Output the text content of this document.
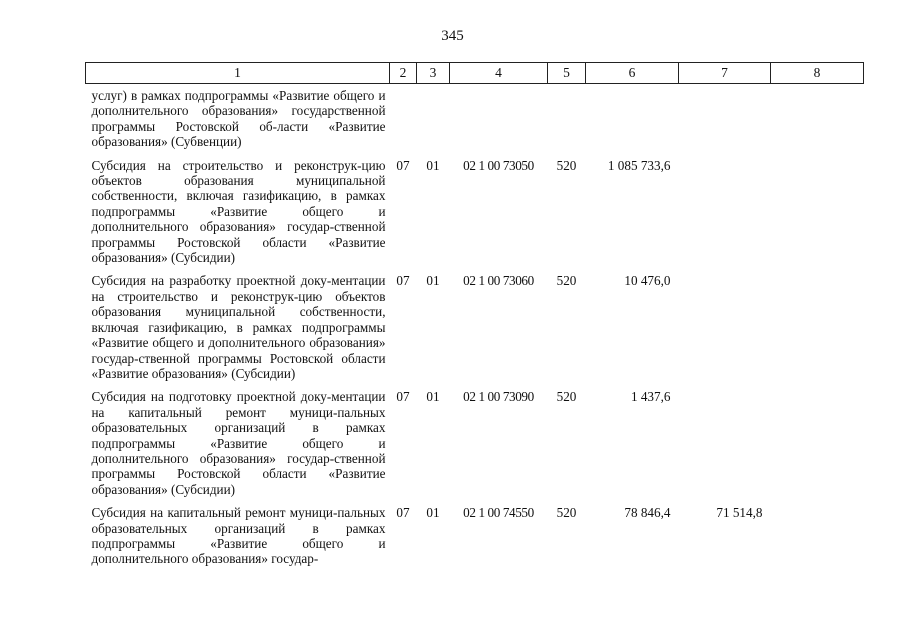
345
1	2	3	4	5	6	7	8
услуг) в рамках подпрограммы «Развитие общего и дополнительного образования» государственной программы Ростовской об-ласти «Развитие образования» (Субвенции)							
Субсидия на строительство и реконструк-цию объектов образования муниципальной собственности, включая газификацию, в рамках подпрограммы «Развитие общего и дополнительного образования» государ-ственной программы Ростовской области «Развитие образования» (Субсидии)	07	01	02 1 00 73050	520	1 085 733,6		
Субсидия на разработку проектной доку-ментации на строительство и реконструк-цию объектов образования муниципальной собственности, включая газификацию, в рамках подпрограммы «Развитие общего и дополнительного образования» государ-ственной программы Ростовской области «Развитие образования» (Субсидии)	07	01	02 1 00 73060	520	10 476,0		
Субсидия на подготовку проектной доку-ментации на капитальный ремонт муници-пальных образовательных организаций в рамках подпрограммы «Развитие общего и дополнительного образования» государ-ственной программы Ростовской области «Развитие образования» (Субсидии)	07	01	02 1 00 73090	520	1 437,6		
Субсидия на капитальный ремонт муници-пальных образовательных организаций в рамках подпрограммы «Развитие общего и дополнительного образования» государ-	07	01	02 1 00 74550	520	78 846,4	71 514,8	
